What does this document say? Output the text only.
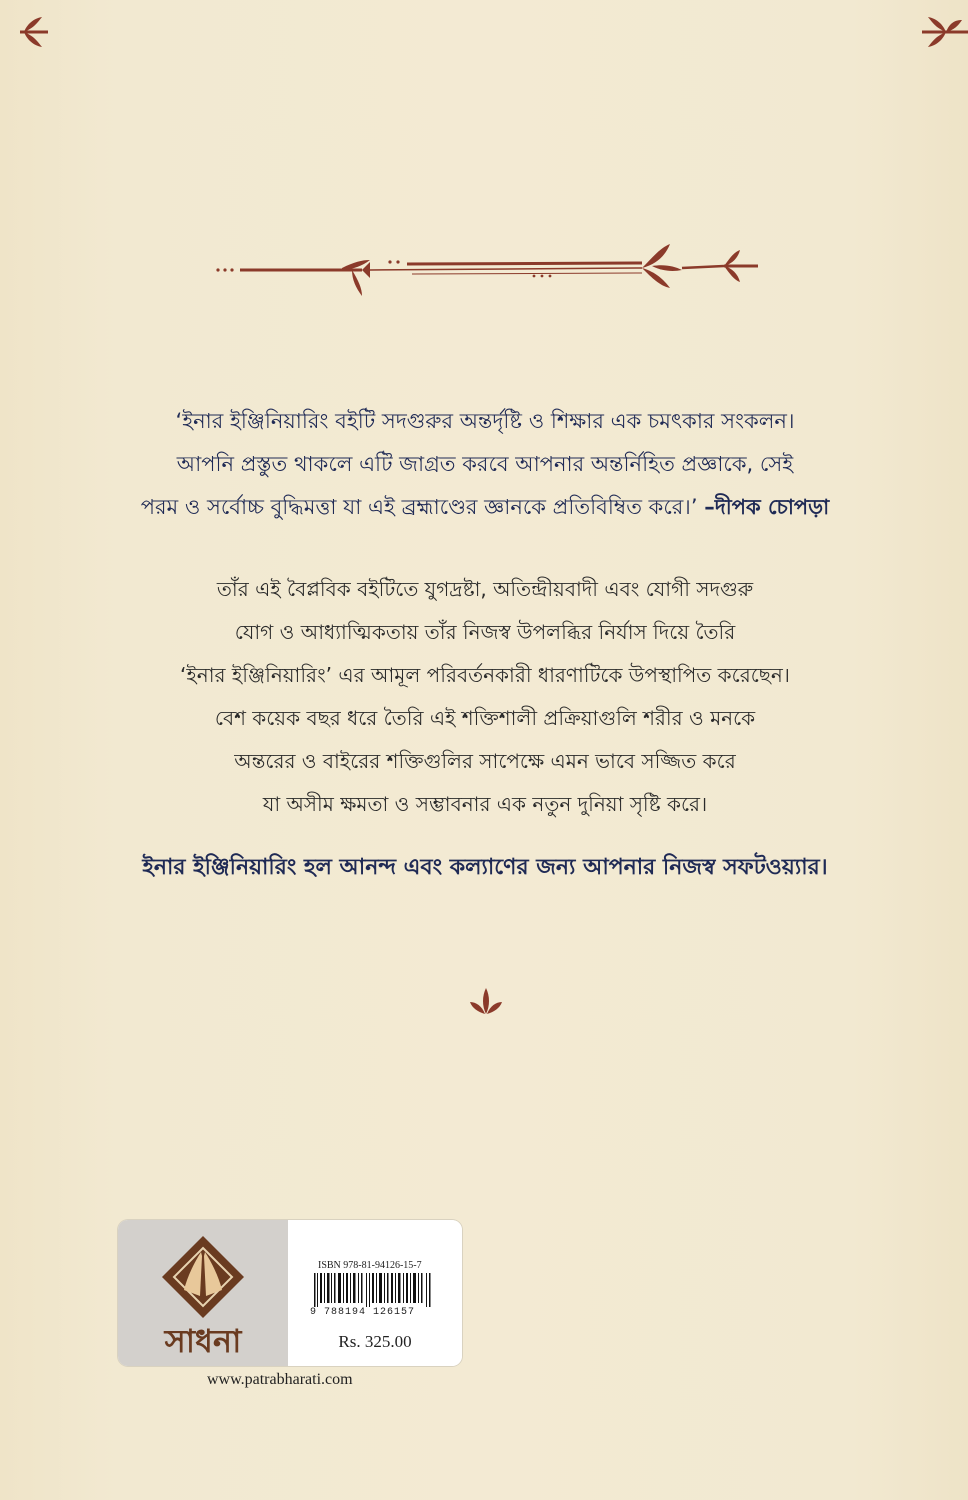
‘ইনার ইঞ্জিনিয়ারিং বইটি সদগুরুর অন্তর্দৃষ্টি ও শিক্ষার এক চমৎকার সংকলন।

আপনি প্রস্তুত থাকলে এটি জাগ্রত করবে আপনার অন্তর্নিহিত প্রজ্ঞাকে, সেই

পরম ও সর্বোচ্চ বুদ্ধিমত্তা যা এই ব্রহ্মাণ্ডের জ্ঞানকে প্রতিবিম্বিত করে।’ –দীপক চোপড়া

তাঁর এই বৈপ্লবিক বইটিতে যুগদ্রষ্টা, অতিন্দ্রীয়বাদী এবং যোগী সদগুরু

যোগ ও আধ্যাত্মিকতায় তাঁর নিজস্ব উপলব্ধির নির্যাস দিয়ে তৈরি

‘ইনার ইঞ্জিনিয়ারিং’ এর আমূল পরিবর্তনকারী ধারণাটিকে উপস্থাপিত করেছেন।

বেশ কয়েক বছর ধরে তৈরি এই শক্তিশালী প্রক্রিয়াগুলি শরীর ও মনকে

অন্তরের ও বাইরের শক্তিগুলির সাপেক্ষে এমন ভাবে সজ্জিত করে

যা অসীম ক্ষমতা ও সম্ভাবনার এক নতুন দুনিয়া সৃষ্টি করে।

ইনার ইঞ্জিনিয়ারিং হল আনন্দ এবং কল্যাণের জন্য আপনার নিজস্ব সফটওয়্যার।
সাধনা
ISBN 978-81-94126-15-7
9 788194 126157
Rs. 325.00
www.patrabharati.com
